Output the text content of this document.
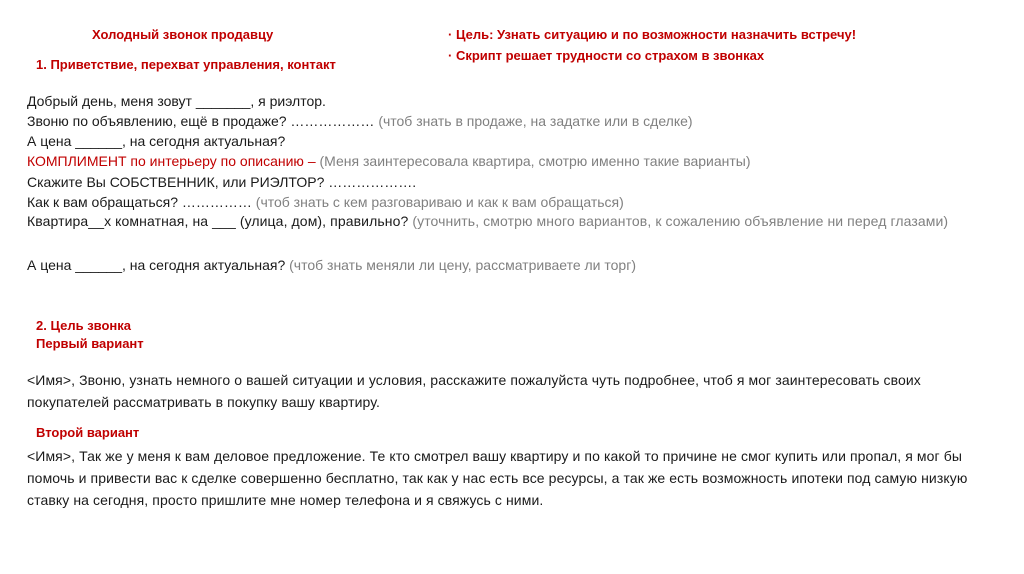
Холодный звонок продавцу
1. Приветствие, перехват управления, контакт
· Цель: Узнать ситуацию и по возможности назначить встречу!
· Скрипт решает трудности со страхом в звонках
Добрый день, меня зовут _______, я риэлтор.
Звоню по объявлению, ещё в продаже? ……………… (чтоб знать в продаже, на задатке или в сделке)
А цена ______, на сегодня актуальная?
КОМПЛИМЕНТ по интерьеру по описанию – (Меня заинтересовала квартира, смотрю именно такие варианты)
Скажите Вы СОБСТВЕННИК, или РИЭЛТОР? ……………….
Как к вам обращаться? …………… (чтоб знать с кем разговариваю и как к вам обращаться)
Квартира__х комнатная, на ___ (улица, дом), правильно? (уточнить, смотрю много вариантов, к сожалению объявление ни перед глазами)
А цена ______, на сегодня актуальная? (чтоб знать меняли ли цену, рассматриваете ли торг)
2. Цель звонка
Первый вариант
<Имя>, Звоню, узнать немного о вашей ситуации и условия, расскажите пожалуйста чуть подробнее, чтоб я мог заинтересовать своих покупателей рассматривать в покупку вашу квартиру.
Второй вариант
<Имя>, Так же у меня к вам деловое предложение. Те кто смотрел вашу квартиру и по какой то причине не смог купить или пропал, я мог бы помочь и привести вас к сделке совершенно бесплатно, так как у нас есть все ресурсы, а так же есть возможность ипотеки под самую низкую ставку на сегодня, просто пришлите мне номер телефона и я свяжусь с ними.
